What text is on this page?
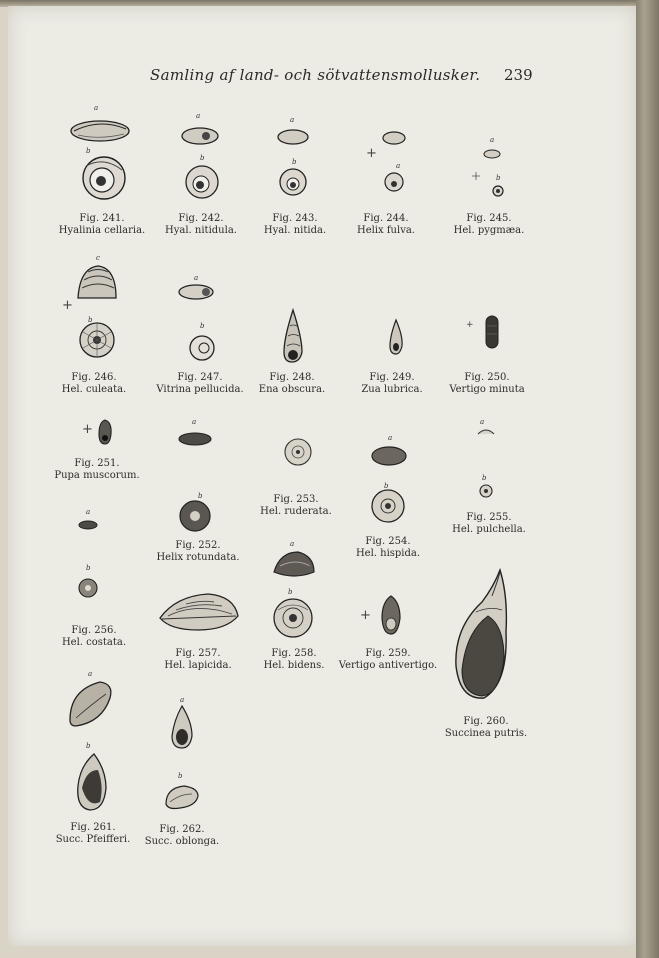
Samling af land- och sötvattensmollusker. 239
a
b
Fig. 241.
Hyalinia cellaria.
a
b
Fig. 242.
Hyal. nitidula.
a
b
Fig. 243.
Hyal. nitida.
+
a
Fig. 244.
Helix fulva.
a
b
Fig. 245.
Hel. pygmæa.
+
c
b
Fig. 246.
Hel. culeata.
a
b
Fig. 247.
Vitrina pellucida.
Fig. 248.
Ena obscura.
Fig. 249.
Zua lubrica.
+
Fig. 250.
Vertigo minuta
+
Fig. 251.
Pupa muscorum.
a
b
Fig. 252.
Helix rotundata.
Fig. 253.
Hel. ruderata.
a
b
Fig. 254.
Hel. hispida.
a
b
Fig. 255.
Hel. pulchella.
a
b
Fig. 256.
Hel. costata.
Fig. 257.
Hel. lapicida.
a
b
Fig. 258.
Hel. bidens.
+
Fig. 259.
Vertigo antivertigo.
Fig. 260.
Succinea putris.
a
b
Fig. 261.
Succ. Pfeifferi.
a
b
Fig. 262.
Succ. oblonga.
